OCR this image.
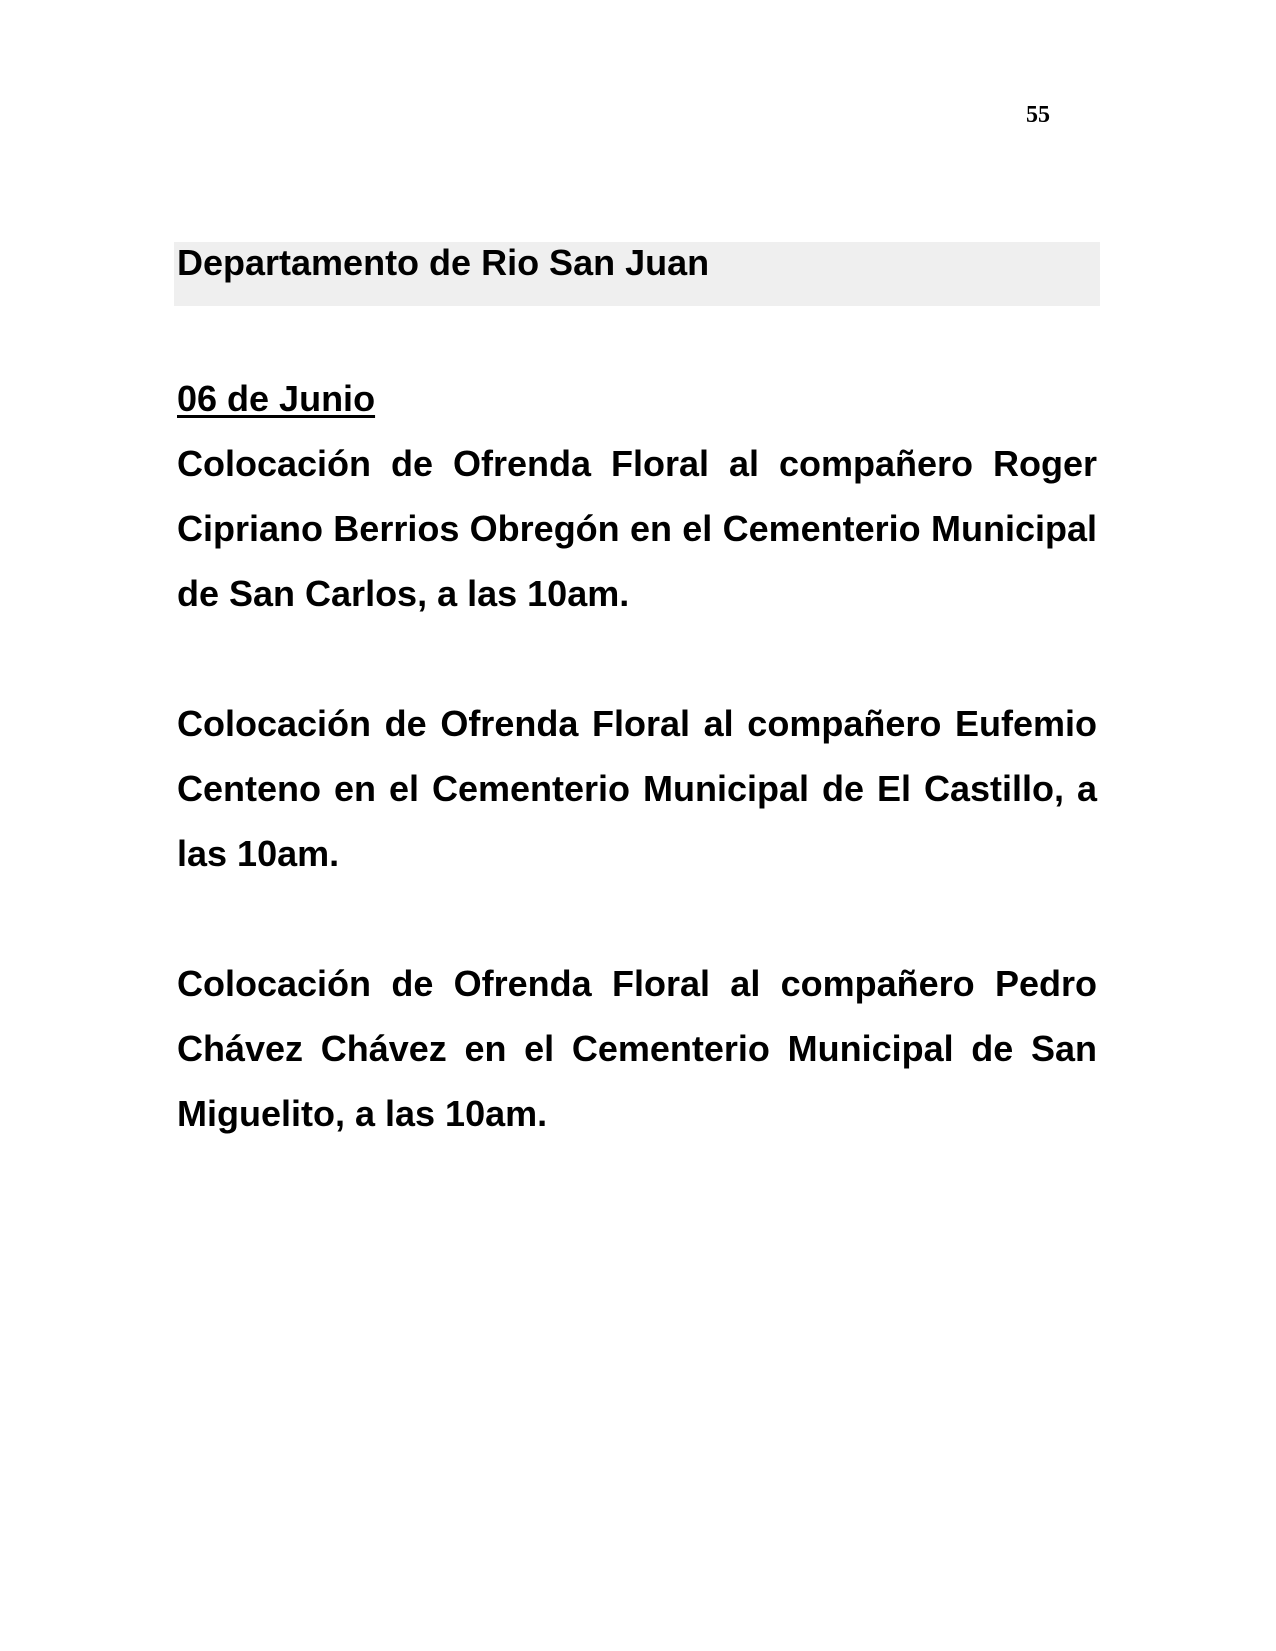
55
Departamento de Rio San Juan

06 de Junio

Colocación de Ofrenda Floral al compañero Roger Cipriano Berrios Obregón en el Cementerio Municipal de San Carlos, a las 10am.

Colocación de Ofrenda Floral al compañero Eufemio Centeno en el Cementerio Municipal de El Castillo, a las 10am.

Colocación de Ofrenda Floral al compañero Pedro Chávez Chávez en el Cementerio Municipal de San Miguelito, a las 10am.
